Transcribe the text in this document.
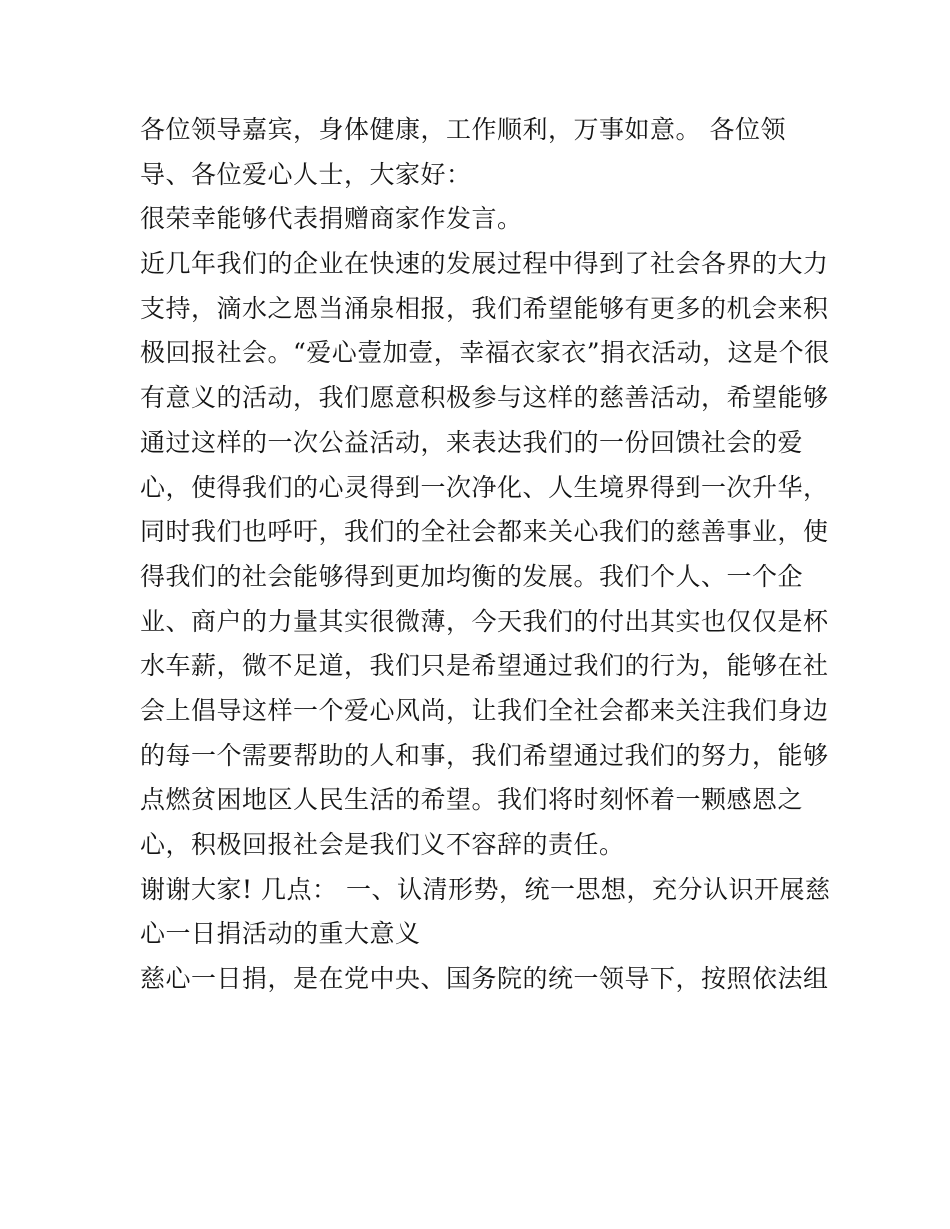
各位领导嘉宾，身体健康，工作顺利，万事如意。 各位领
导、各位爱心人士，大家好：
很荣幸能够代表捐赠商家作发言。
近几年我们的企业在快速的发展过程中得到了社会各界的大力
支持，滴水之恩当涌泉相报，我们希望能够有更多的机会来积
极回报社会。“爱心壹加壹，幸福衣家衣”捐衣活动，这是个很
有意义的活动，我们愿意积极参与这样的慈善活动，希望能够
通过这样的一次公益活动，来表达我们的一份回馈社会的爱
心，使得我们的心灵得到一次净化、人生境界得到一次升华，
同时我们也呼吁，我们的全社会都来关心我们的慈善事业，使
得我们的社会能够得到更加均衡的发展。我们个人、一个企
业、商户的力量其实很微薄，今天我们的付出其实也仅仅是杯
水车薪，微不足道，我们只是希望通过我们的行为，能够在社
会上倡导这样一个爱心风尚，让我们全社会都来关注我们身边
的每一个需要帮助的人和事，我们希望通过我们的努力，能够
点燃贫困地区人民生活的希望。我们将时刻怀着一颗感恩之
心，积极回报社会是我们义不容辞的责任。
谢谢大家! 几点： 一、认清形势，统一思想，充分认识开展慈
心一日捐活动的重大意义
慈心一日捐，是在党中央、国务院的统一领导下，按照依法组
